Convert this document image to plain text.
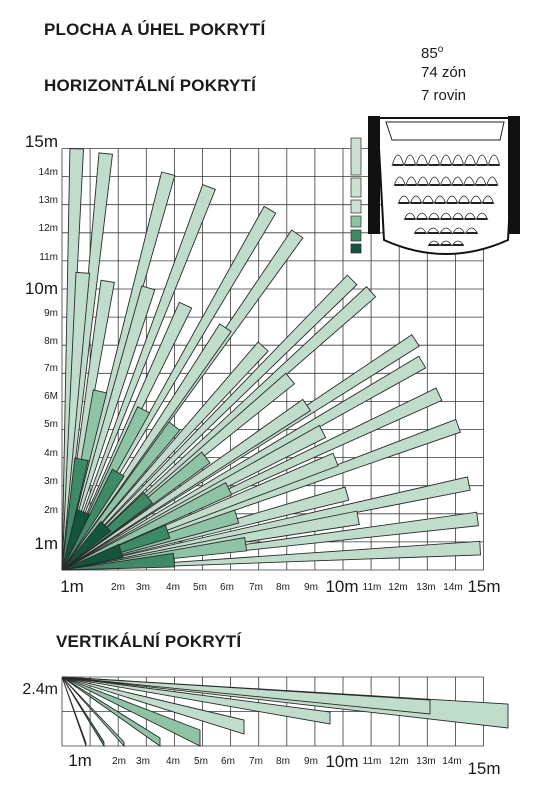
PLOCHA A ÚHEL POKRYTÍ
HORIZONTÁLNÍ POKRYTÍ
VERTIKÁLNÍ POKRYTÍ
85$^o$
74 zón
7 rovin
1m	2m 3m 4m 5m 6m 7m 8m 9m 10m 11m 12m 13m 14m 15m
1m
2m
3m
4m
5m
6M
7m
8m
9m
10m
11m
12m
13m
14m
15m
1m 2m 3m 4m 5m 6m 7m 8m 9m 10m 11m 12m 13m 14m 15m
2.4m
